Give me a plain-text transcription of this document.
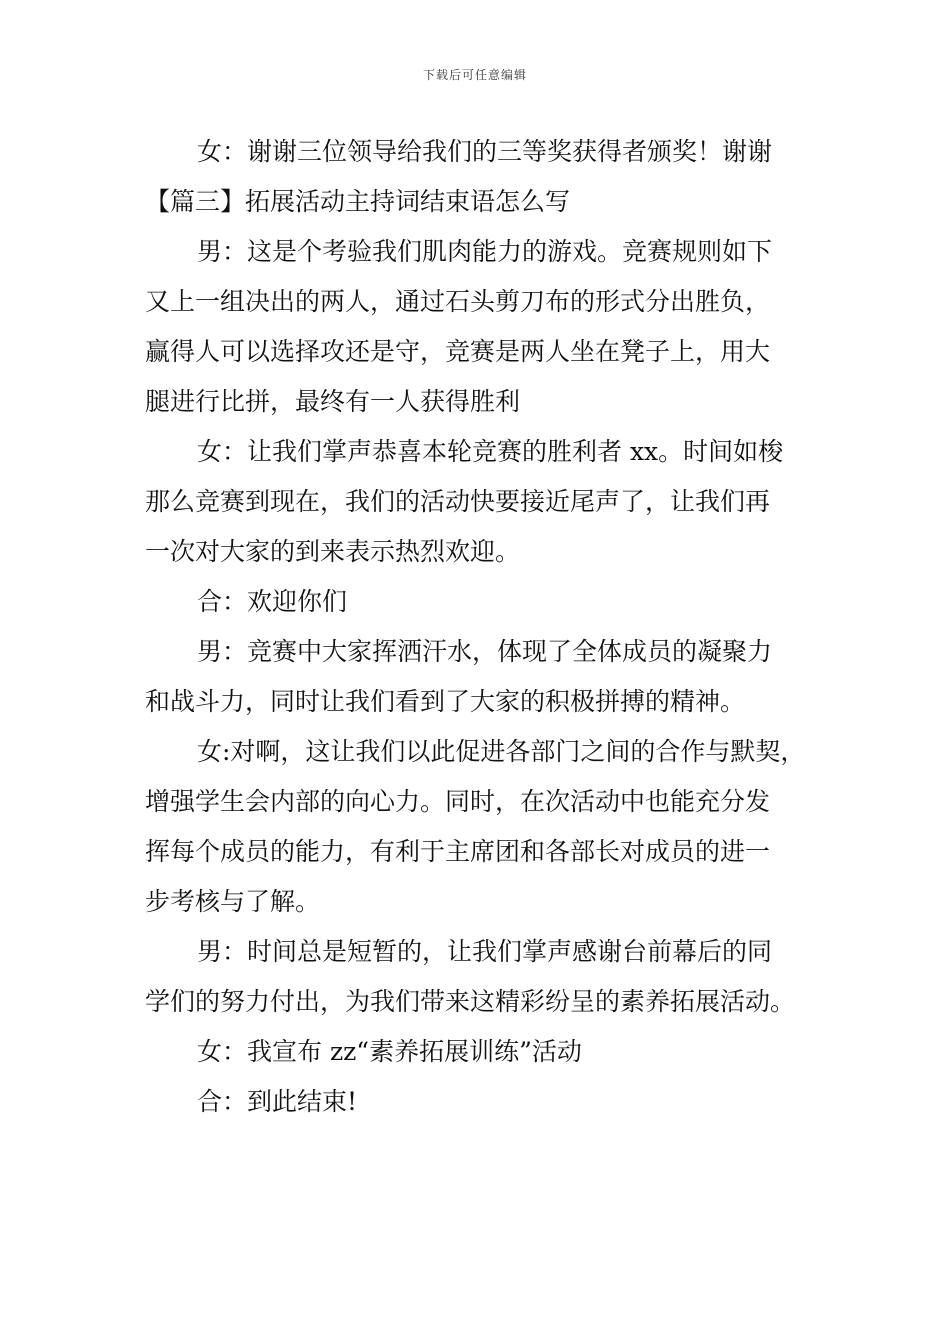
下载后可任意编辑
女：谢谢三位领导给我们的三等奖获得者颁奖！谢谢
【篇三】拓展活动主持词结束语怎么写
男：这是个考验我们肌肉能力的游戏。竞赛规则如下
又上一组决出的两人，通过石头剪刀布的形式分出胜负，
赢得人可以选择攻还是守，竞赛是两人坐在凳子上，用大
腿进行比拼，最终有一人获得胜利
女：让我们掌声恭喜本轮竞赛的胜利者 xx。时间如梭
那么竞赛到现在，我们的活动快要接近尾声了，让我们再
一次对大家的到来表示热烈欢迎。
合：欢迎你们
男：竞赛中大家挥洒汗水，体现了全体成员的凝聚力
和战斗力，同时让我们看到了大家的积极拼搏的精神。
女:对啊，这让我们以此促进各部门之间的合作与默契，
增强学生会内部的向心力。同时，在次活动中也能充分发
挥每个成员的能力，有利于主席团和各部长对成员的进一
步考核与了解。
男：时间总是短暂的，让我们掌声感谢台前幕后的同
学们的努力付出，为我们带来这精彩纷呈的素养拓展活动。
女：我宣布 zz“素养拓展训练”活动
合：到此结束!
